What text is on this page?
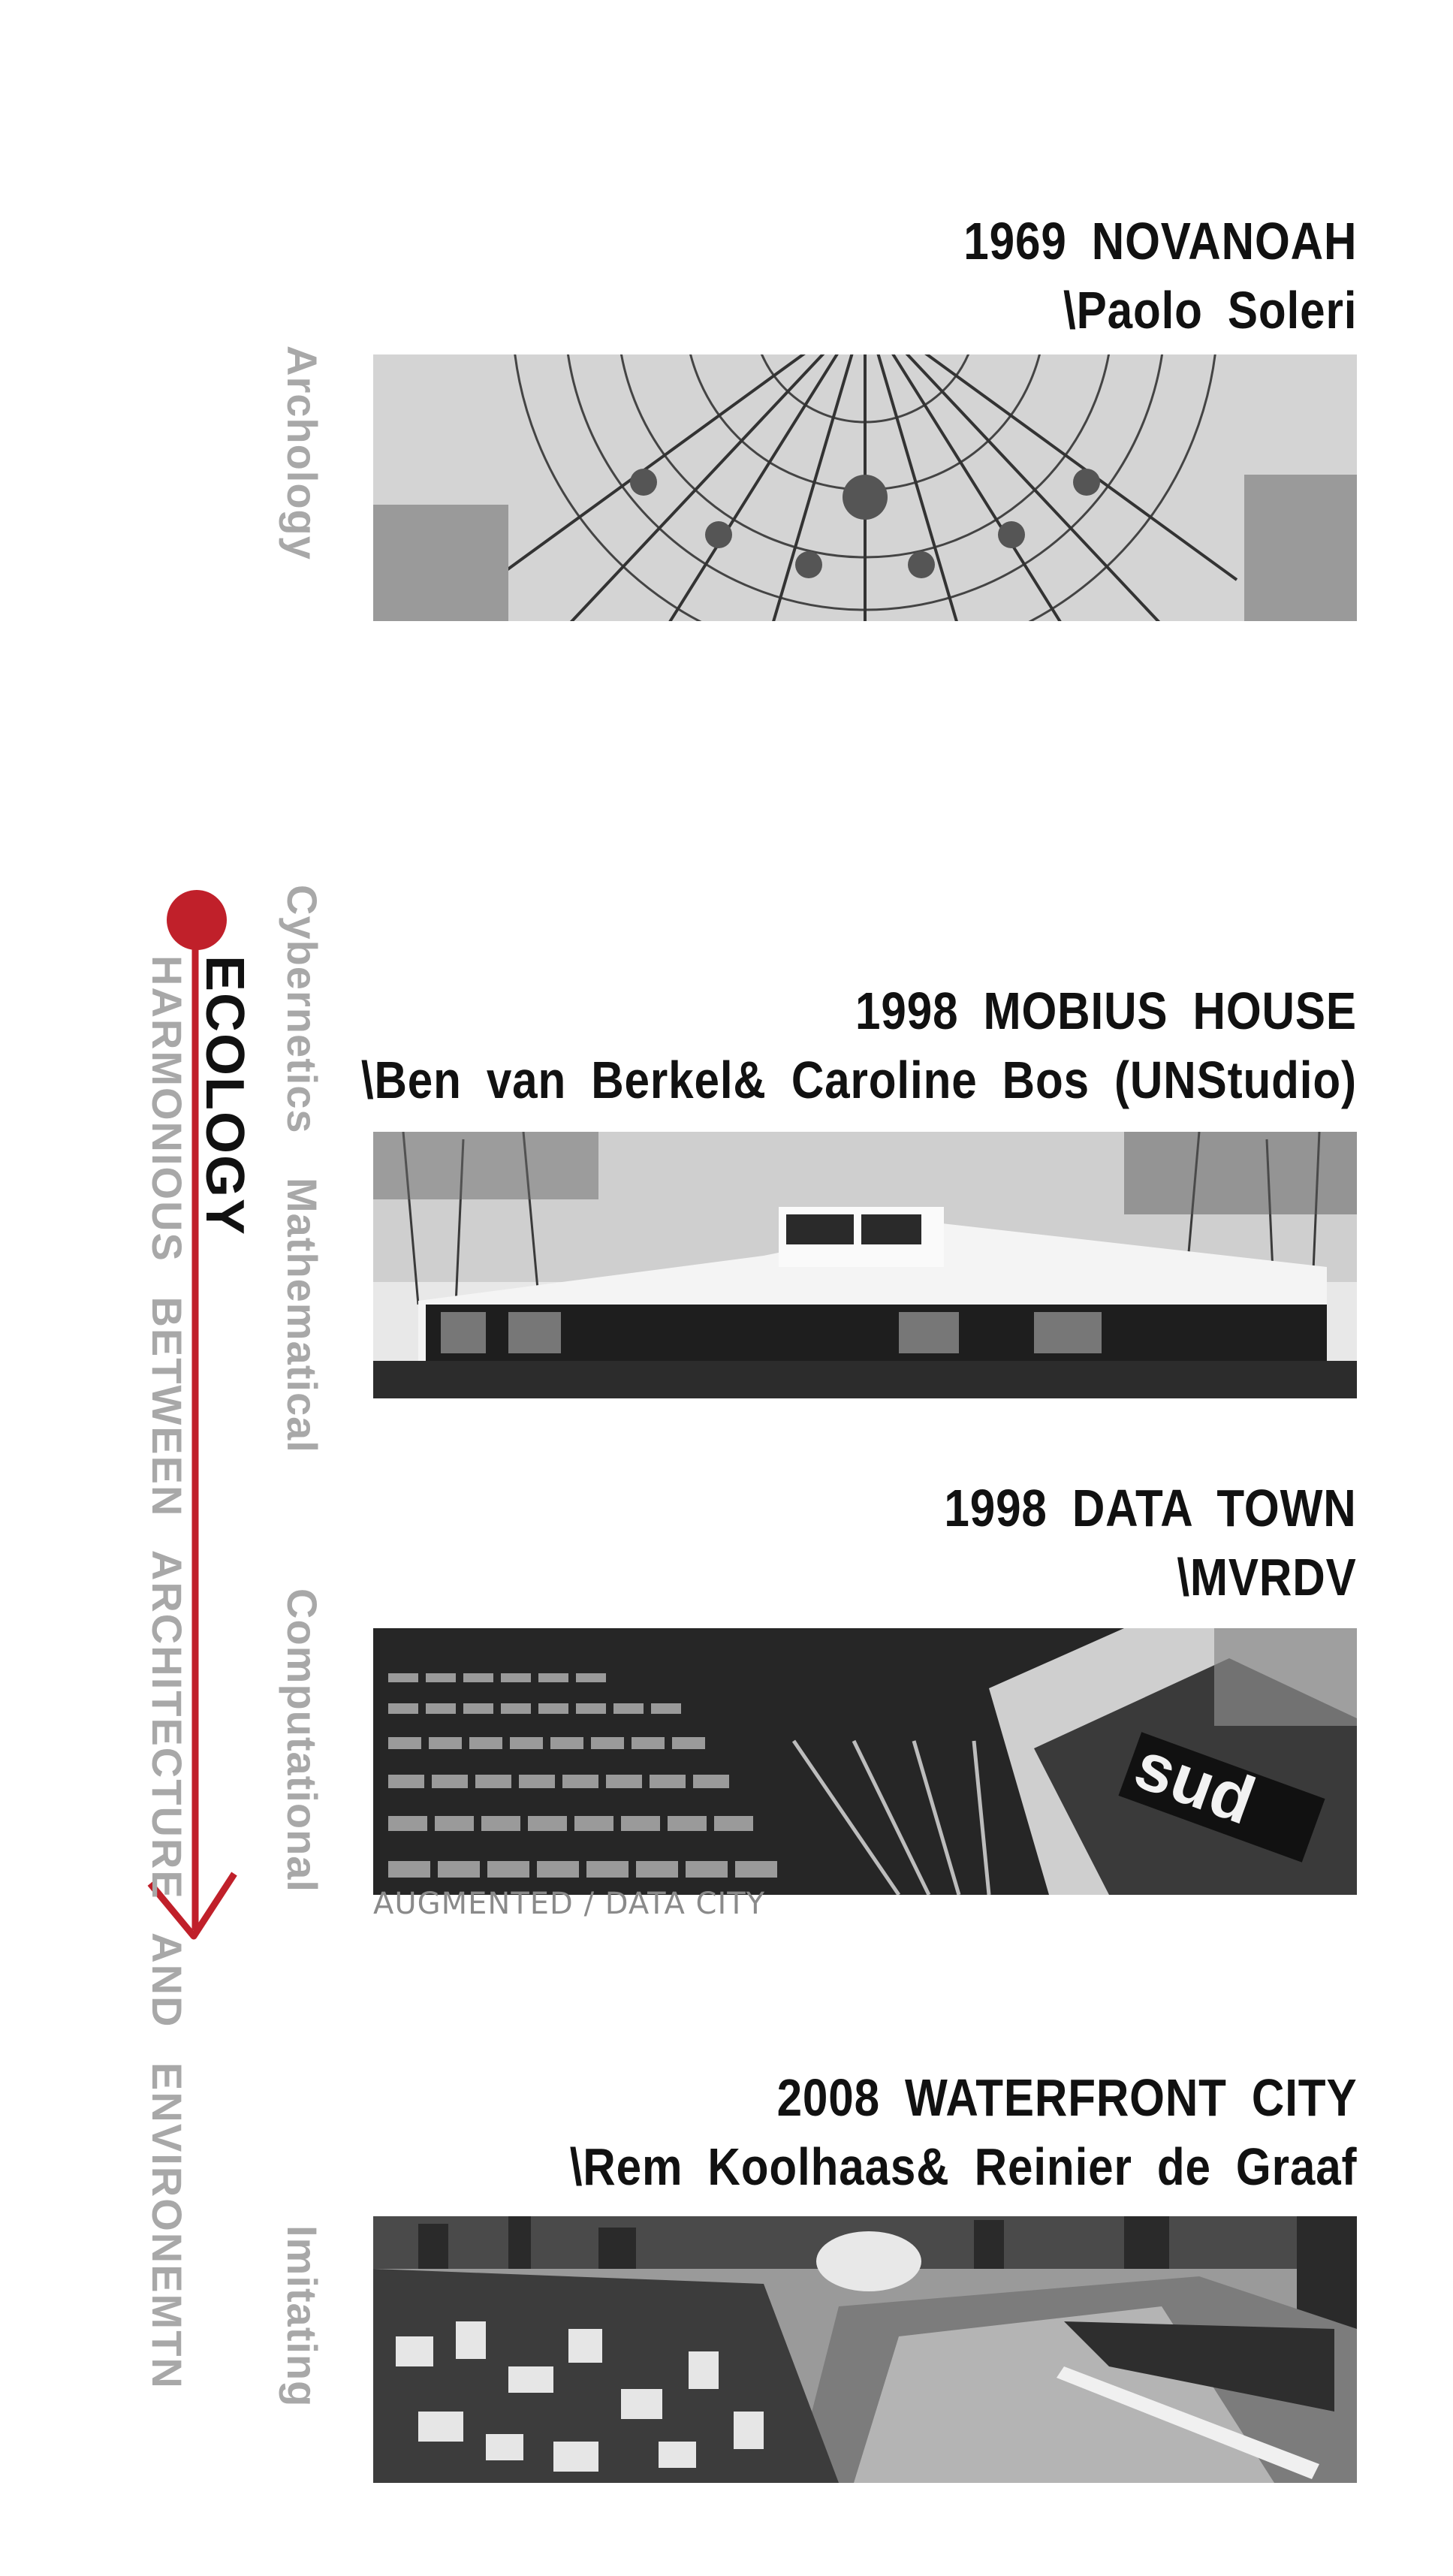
ECOLOGY
HARMONIOUS BETWEEN ARCHITECTURE AND ENVIRONEMTN
Archology
Cybernetics
Mathematical
Computational
Imitating
1969 NOVANOAH
\Paolo Soleri
1998 MOBIUS HOUSE
\Ben van Berkel& Caroline Bos (UNStudio)
1998 DATA TOWN
\MVRDV
sud
AUGMENTED / DATA CITY
2008 WATERFRONT CITY
\Rem Koolhaas& Reinier de Graaf
